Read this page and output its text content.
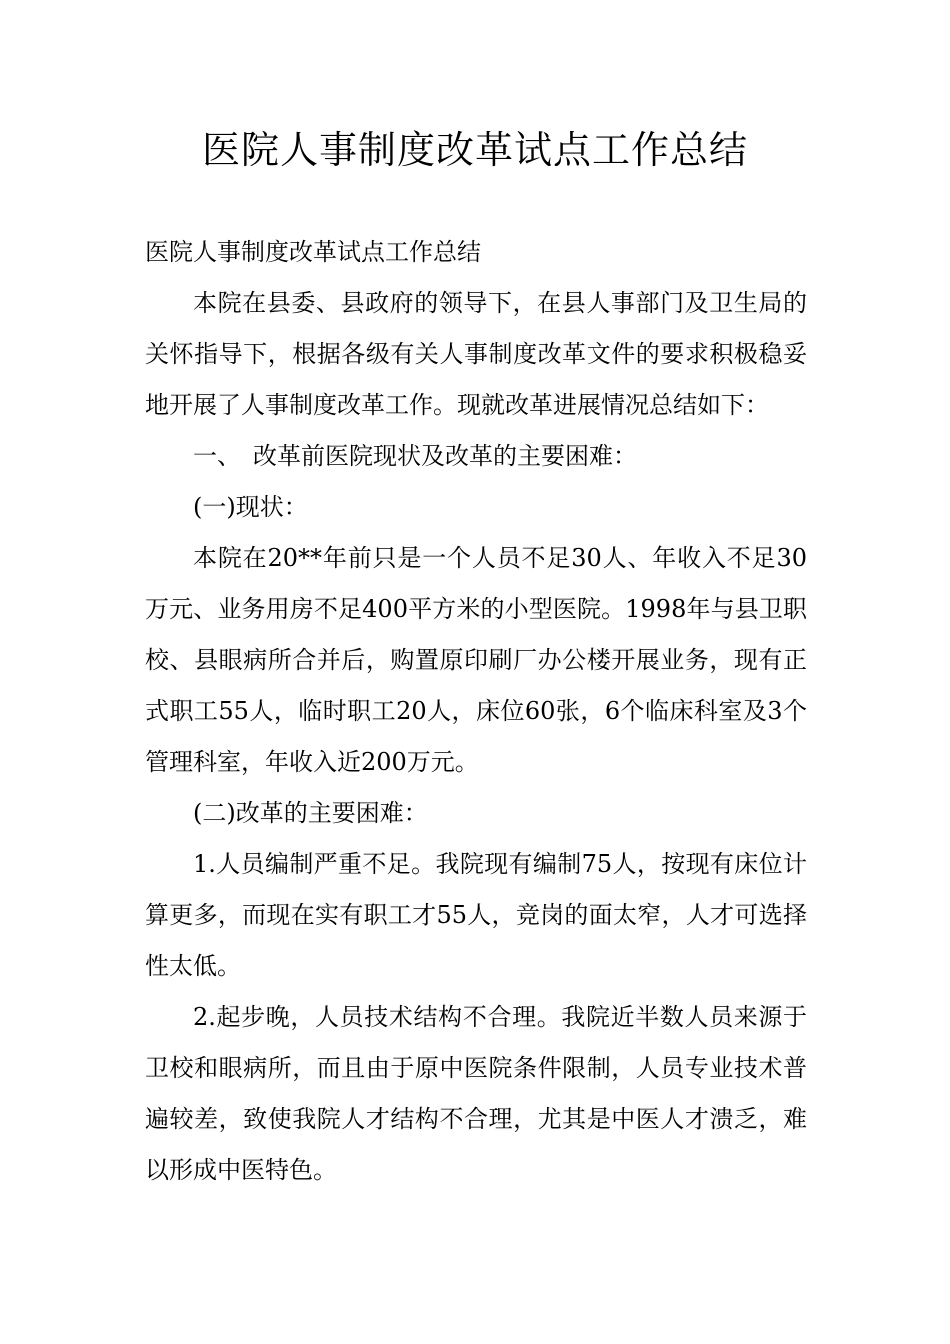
医院人事制度改革试点工作总结

医院人事制度改革试点工作总结

本院在县委、县政府的领导下，在县人事部门及卫生局的关怀指导下，根据各级有关人事制度改革文件的要求积极稳妥地开展了人事制度改革工作。现就改革进展情况总结如下：

一、　改革前医院现状及改革的主要困难：

(一)现状：

本院在20**年前只是一个人员不足30人、年收入不足30万元、业务用房不足400平方米的小型医院。1998年与县卫职校、县眼病所合并后，购置原印刷厂办公楼开展业务，现有正式职工55人，临时职工20人，床位60张，6个临床科室及3个管理科室，年收入近200万元。

(二)改革的主要困难：

1.人员编制严重不足。我院现有编制75人，按现有床位计算更多，而现在实有职工才55人，竞岗的面太窄，人才可选择性太低。

2.起步晚，人员技术结构不合理。我院近半数人员来源于卫校和眼病所，而且由于原中医院条件限制，人员专业技术普遍较差，致使我院人才结构不合理，尤其是中医人才溃乏，难以形成中医特色。
